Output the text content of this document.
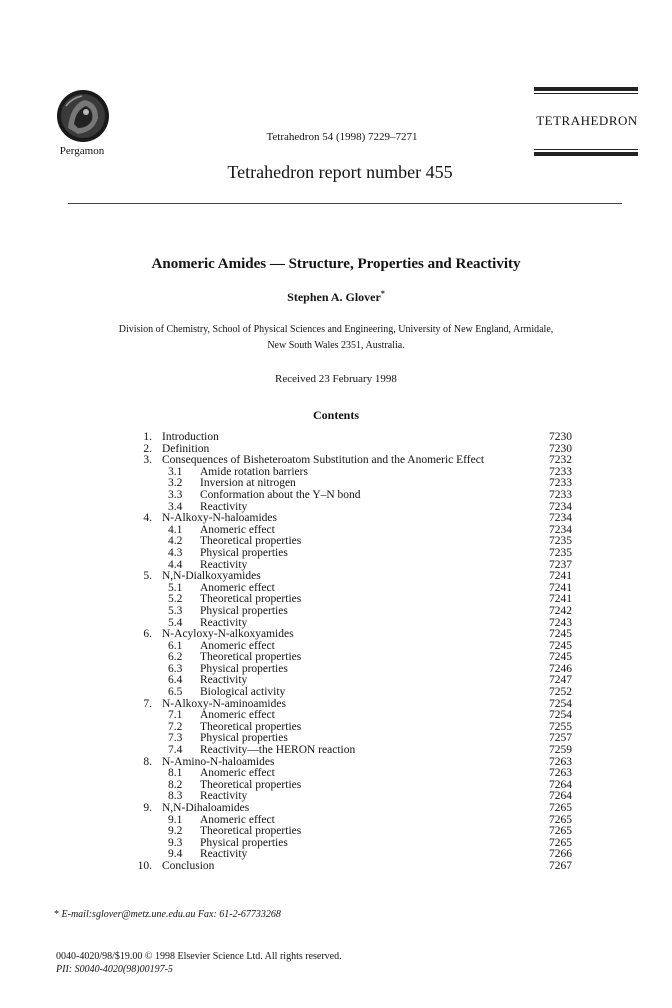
Pergamon
Tetrahedron 54 (1998) 7229–7271
Tetrahedron report number 455
TETRAHEDRON
Anomeric Amides — Structure, Properties and Reactivity
Stephen A. Glover*
Division of Chemistry, School of Physical Sciences and Engineering, University of New England, Armidale,
New South Wales 2351, Australia.
Received 23 February 1998
Contents
1. Introduction	7230
2. Definition	7230
3. Consequences of Bisheteroatom Substitution and the Anomeric Effect	7232
3.1	Amide rotation barriers	7233
3.2	Inversion at nitrogen	7233
3.3	Conformation about the Y–N bond	7233
3.4	Reactivity	7234
4. N-Alkoxy-N-haloamides	7234
4.1	Anomeric effect	7234
4.2	Theoretical properties	7235
4.3	Physical properties	7235
4.4	Reactivity	7237
5. N,N-Dialkoxyamides	7241
5.1	Anomeric effect	7241
5.2	Theoretical properties	7241
5.3	Physical properties	7242
5.4	Reactivity	7243
6. N-Acyloxy-N-alkoxyamides	7245
6.1	Anomeric effect	7245
6.2	Theoretical properties	7245
6.3	Physical properties	7246
6.4	Reactivity	7247
6.5	Biological activity	7252
7. N-Alkoxy-N-aminoamides	7254
7.1	Anomeric effect	7254
7.2	Theoretical properties	7255
7.3	Physical properties	7257
7.4	Reactivity—the HERON reaction	7259
8. N-Amino-N-haloamides	7263
8.1	Anomeric effect	7263
8.2	Theoretical properties	7264
8.3	Reactivity	7264
9. N,N-Dihaloamides	7265
9.1	Anomeric effect	7265
9.2	Theoretical properties	7265
9.3	Physical properties	7265
9.4	Reactivity	7266
10. Conclusion	7267
* E-mail:sglover@metz.une.edu.au Fax: 61-2-67733268
0040-4020/98/$19.00 © 1998 Elsevier Science Ltd. All rights reserved.
PII: S0040-4020(98)00197-5
